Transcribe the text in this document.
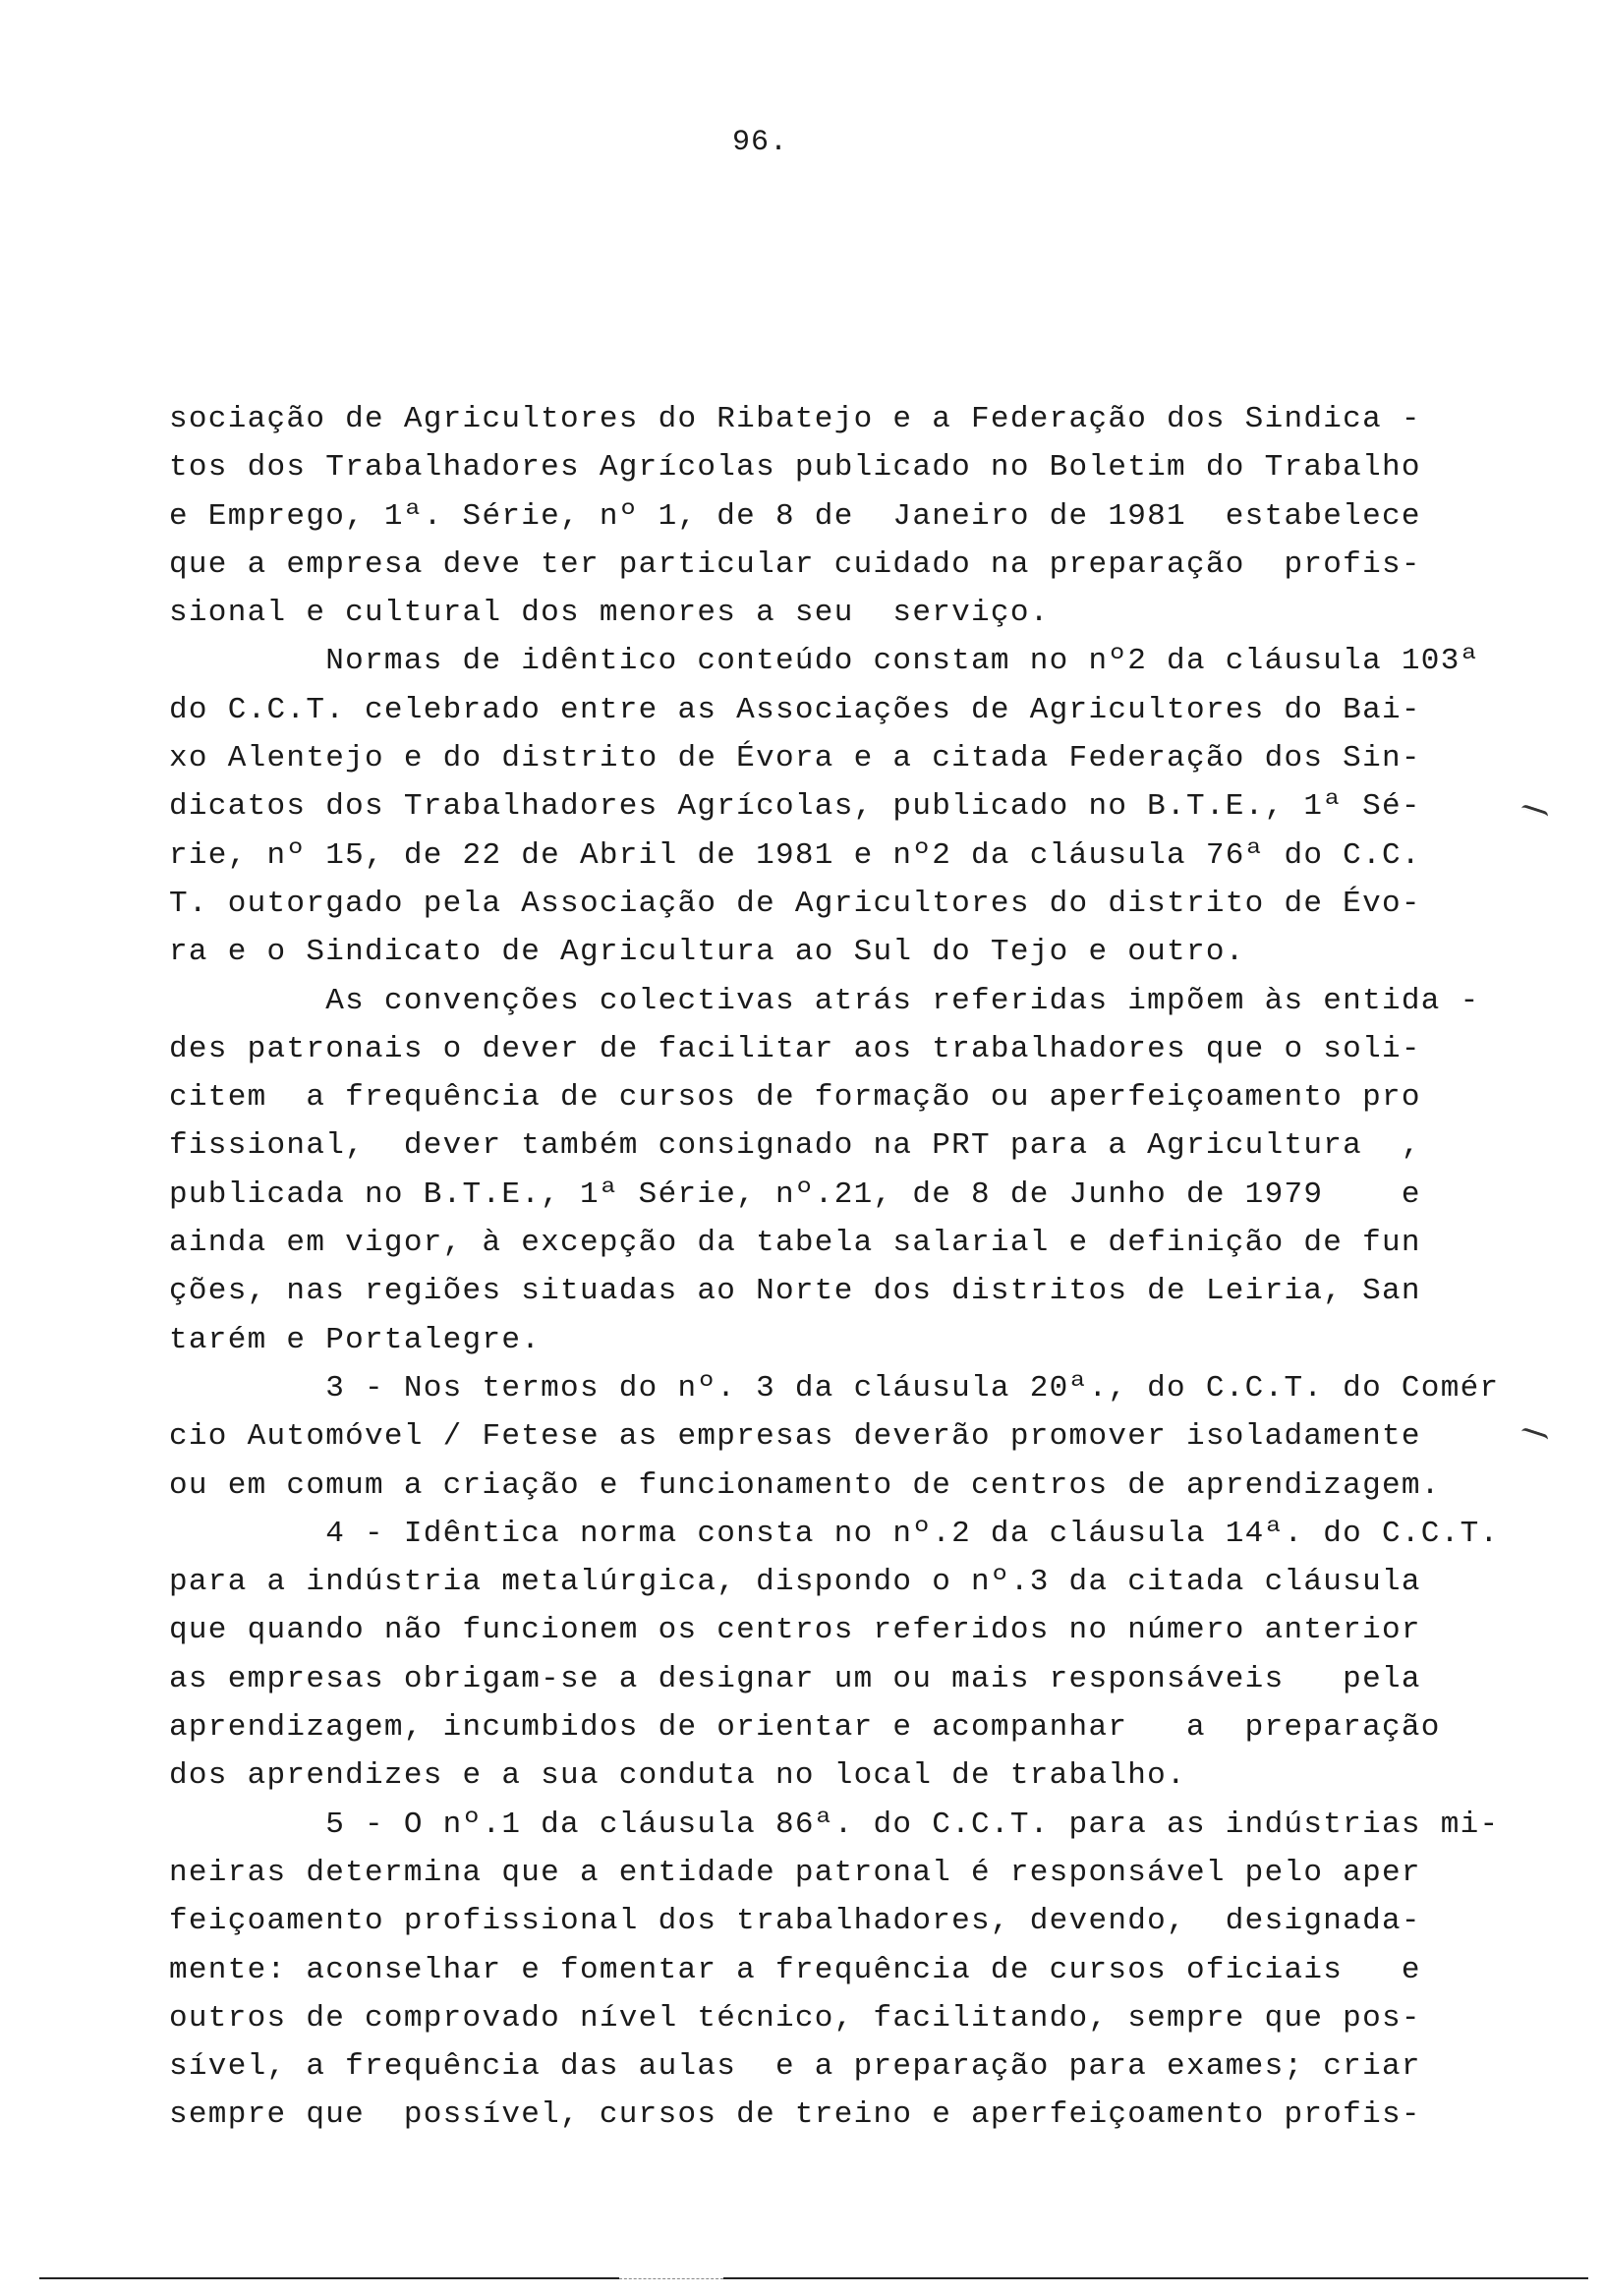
96.
sociação de Agricultores do Ribatejo e a Federação dos Sindica -
tos dos Trabalhadores Agrícolas publicado no Boletim do Trabalho
e Emprego, 1ª. Série, nº 1, de 8 de  Janeiro de 1981  estabelece
que a empresa deve ter particular cuidado na preparação  profis-
sional e cultural dos menores a seu  serviço.
Normas de idêntico conteúdo constam no nº2 da cláusula 103ª
do C.C.T. celebrado entre as Associações de Agricultores do Bai-
xo Alentejo e do distrito de Évora e a citada Federação dos Sin-
dicatos dos Trabalhadores Agrícolas, publicado no B.T.E., 1ª Sé-
rie, nº 15, de 22 de Abril de 1981 e nº2 da cláusula 76ª do C.C.
T. outorgado pela Associação de Agricultores do distrito de Évo-
ra e o Sindicato de Agricultura ao Sul do Tejo e outro.
As convenções colectivas atrás referidas impõem às entida -
des patronais o dever de facilitar aos trabalhadores que o soli-
citem  a frequência de cursos de formação ou aperfeiçoamento pro
fissional,  dever também consignado na PRT para a Agricultura  ,
publicada no B.T.E., 1ª Série, nº.21, de 8 de Junho de 1979    e
ainda em vigor, à excepção da tabela salarial e definição de fun
ções, nas regiões situadas ao Norte dos distritos de Leiria, San
tarém e Portalegre.
3 - Nos termos do nº. 3 da cláusula 20ª., do C.C.T. do Comér
cio Automóvel / Fetese as empresas deverão promover isoladamente
ou em comum a criação e funcionamento de centros de aprendizagem.
4 - Idêntica norma consta no nº.2 da cláusula 14ª. do C.C.T.
para a indústria metalúrgica, dispondo o nº.3 da citada cláusula
que quando não funcionem os centros referidos no número anterior
as empresas obrigam-se a designar um ou mais responsáveis   pela
aprendizagem, incumbidos de orientar e acompanhar   a  preparação
dos aprendizes e a sua conduta no local de trabalho.
5 - O nº.1 da cláusula 86ª. do C.C.T. para as indústrias mi-
neiras determina que a entidade patronal é responsável pelo aper
feiçoamento profissional dos trabalhadores, devendo,  designada-
mente: aconselhar e fomentar a frequência de cursos oficiais   e
outros de comprovado nível técnico, facilitando, sempre que pos-
sível, a frequência das aulas  e a preparação para exames; criar
sempre que  possível, cursos de treino e aperfeiçoamento profis-
